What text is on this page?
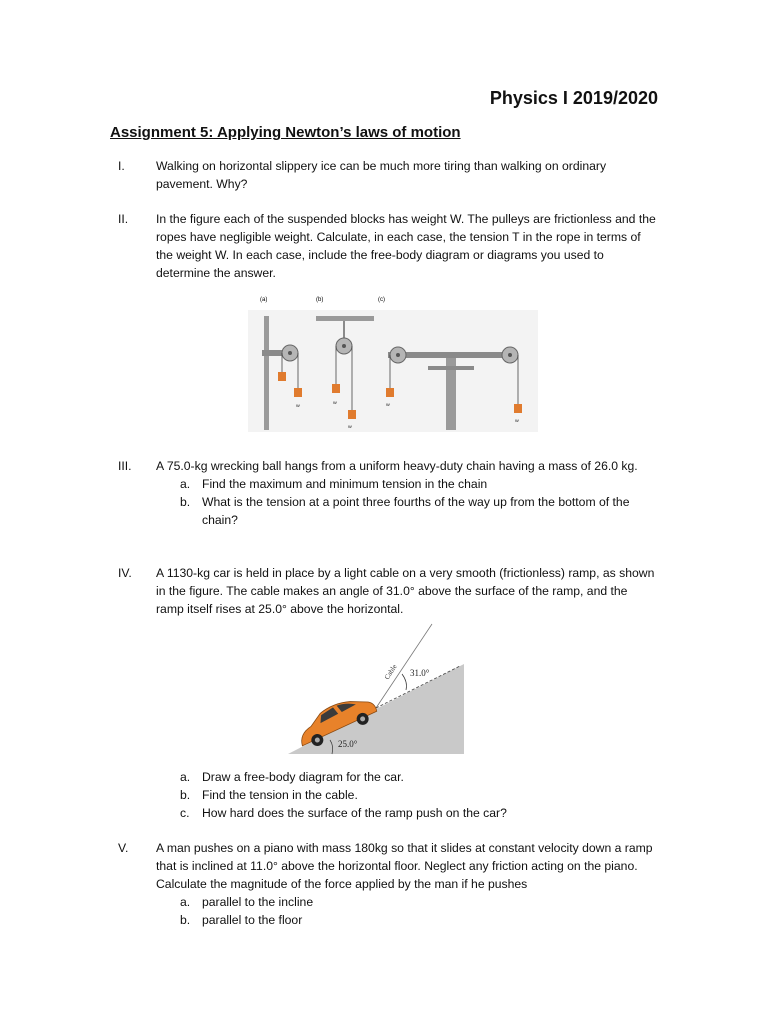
Physics I 2019/2020
Assignment 5: Applying Newton’s laws of motion
I.	Walking on horizontal slippery ice can be much more tiring than walking on ordinary pavement. Why?
II. In the figure each of the suspended blocks has weight W. The pulleys are frictionless and the ropes have negligible weight. Calculate, in each case, the tension T in the rope in terms of the weight W. In each case, include the free-body diagram or diagrams you used to determine the answer.
(a)	(b)	(c)
W
W
W
W
W
III. A 75.0-kg wrecking ball hangs from a uniform heavy-duty chain having a mass of 26.0 kg.
a. Find the maximum and minimum tension in the chain
b. What is the tension at a point three fourths of the way up from the bottom of the chain?
IV. A 1130-kg car is held in place by a light cable on a very smooth (frictionless) ramp, as shown in the figure. The cable makes an angle of 31.0° above the surface of the ramp, and the ramp itself rises at 25.0° above the horizontal.
Cable 31.0°
25.0°
a. Draw a free-body diagram for the car.
b. Find the tension in the cable.
c. How hard does the surface of the ramp push on the car?
V. A man pushes on a piano with mass 180kg so that it slides at constant velocity down a ramp that is inclined at 11.0° above the horizontal floor. Neglect any friction acting on the piano. Calculate the magnitude of the force applied by the man if he pushes
a. parallel to the incline
b. parallel to the floor
